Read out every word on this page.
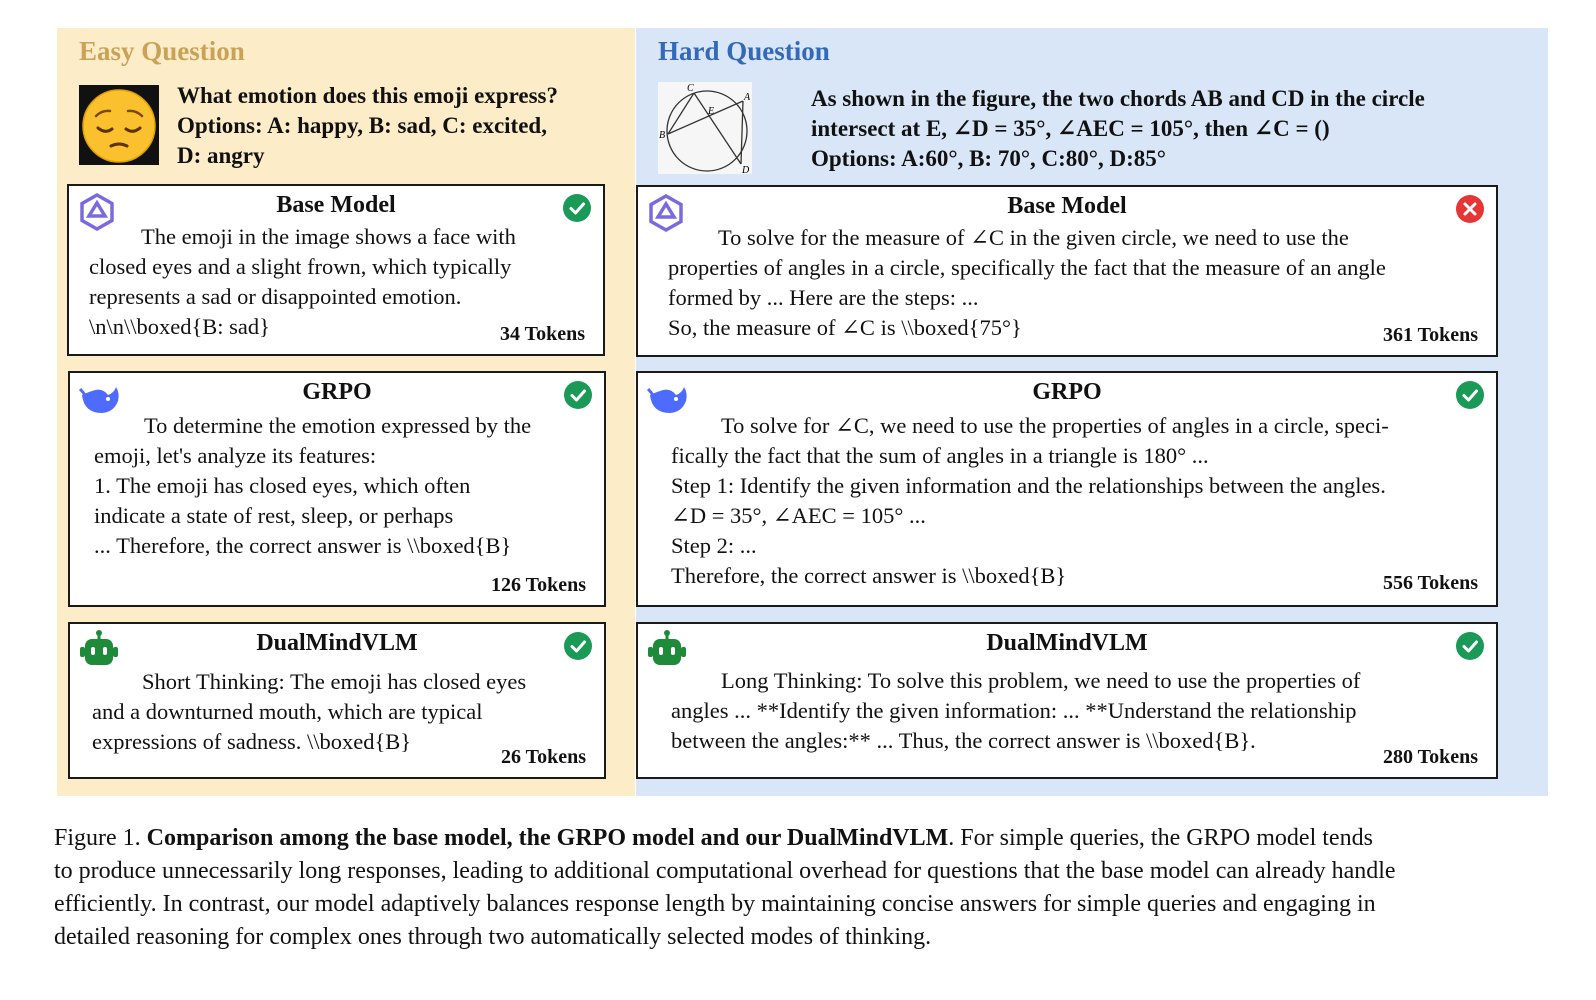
Easy Question
What emotion does this emoji express?
Options: A: happy, B: sad, C: excited,
D: angry
Base Model
The emoji in the image shows a face with
closed eyes and a slight frown, which typically
represents a sad or disappointed emotion.
\n\n\\boxed{B: sad}	34 Tokens
GRPO
To determine the emotion expressed by the
emoji, let's analyze its features:
1. The emoji has closed eyes, which often
indicate a state of rest, sleep, or perhaps
... Therefore, the correct answer is \\boxed{B}
126 Tokens
DualMindVLM
Short Thinking: The emoji has closed eyes
and a downturned mouth, which are typical
expressions of sadness. \\boxed{B}
26 Tokens
Hard Question
C
E
A
B
D
As shown in the figure, the two chords AB and CD in the circle
intersect at E, ∠D = 35°, ∠AEC = 105°, then ∠C = ()
Options: A:60°, B: 70°, C:80°, D:85°
Base Model
To solve for the measure of ∠C in the given circle, we need to use the
properties of angles in a circle, specifically the fact that the measure of an angle
formed by ... Here are the steps: ...
So, the measure of ∠C is \\boxed{75°}	361 Tokens
GRPO
To solve for ∠C, we need to use the properties of angles in a circle, speci-
fically the fact that the sum of angles in a triangle is 180° ...
Step 1: Identify the given information and the relationships between the angles.
∠D = 35°, ∠AEC = 105° ...
Step 2: ...
Therefore, the correct answer is \\boxed{B}	556 Tokens
DualMindVLM
Long Thinking: To solve this problem, we need to use the properties of
angles ... **Identify the given information: ... **Understand the relationship
between the angles:** ... Thus, the correct answer is \\boxed{B}.
280 Tokens
Figure 1. Comparison among the base model, the GRPO model and our DualMindVLM. For simple queries, the GRPO model tends
to produce unnecessarily long responses, leading to additional computational overhead for questions that the base model can already handle
efficiently. In contrast, our model adaptively balances response length by maintaining concise answers for simple queries and engaging in
detailed reasoning for complex ones through two automatically selected modes of thinking.
